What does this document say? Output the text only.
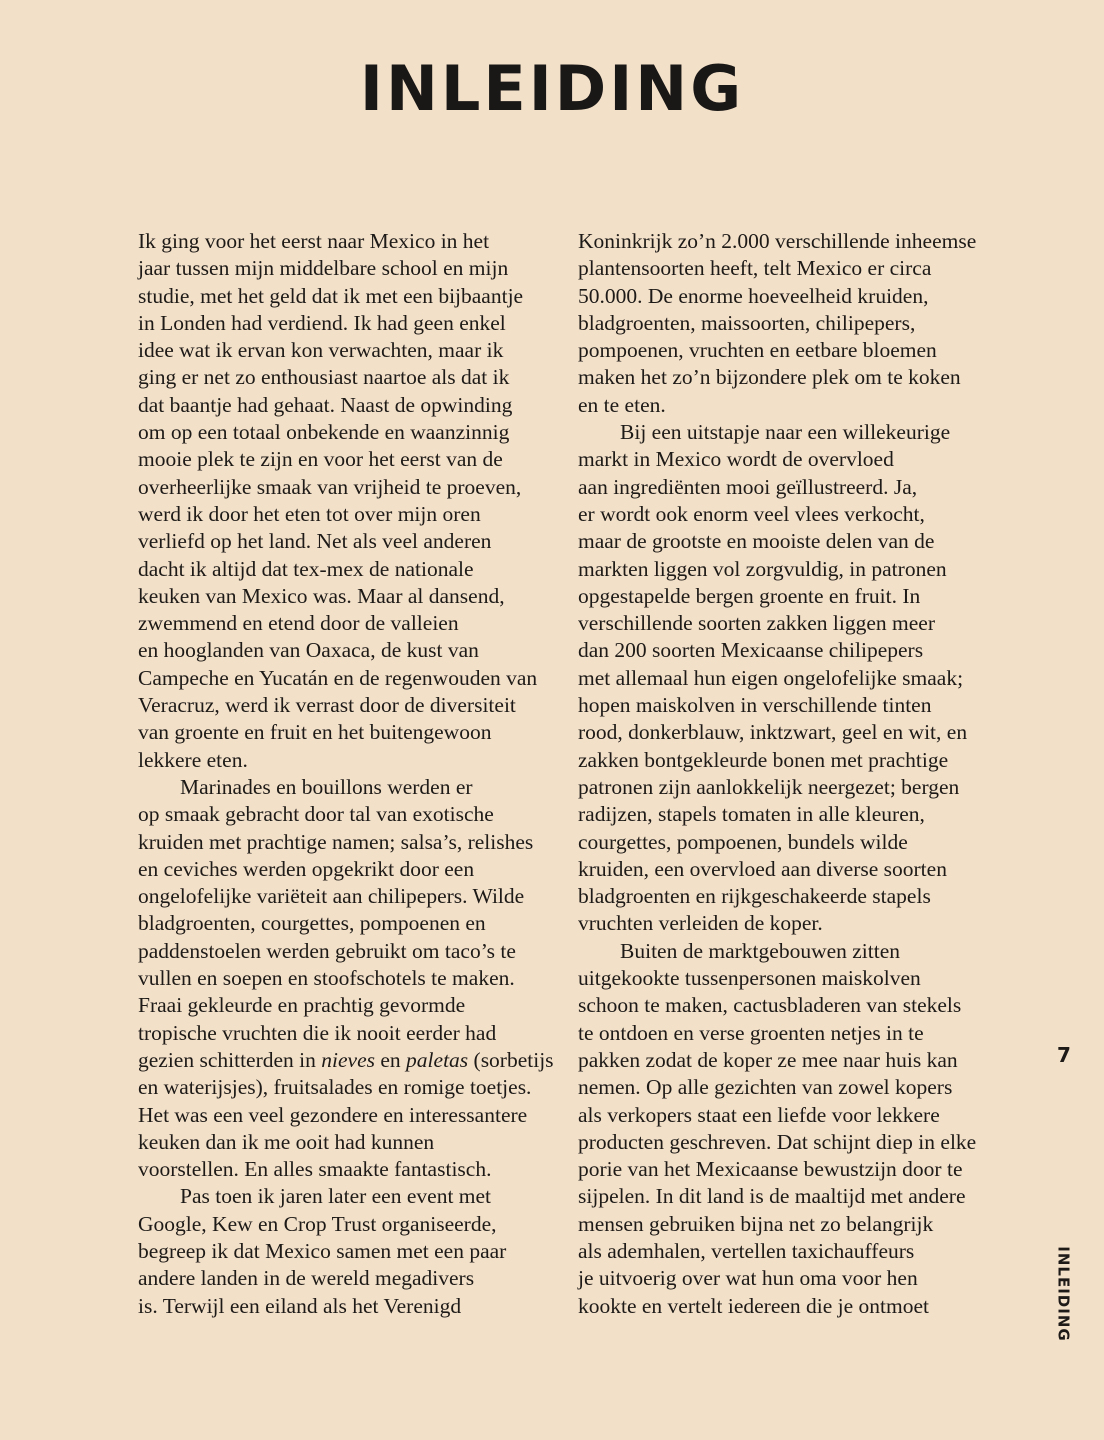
INLEIDING
Ik ging voor het eerst naar Mexico in het
jaar tussen mijn middelbare school en mijn
studie, met het geld dat ik met een bijbaantje
in Londen had verdiend. Ik had geen enkel
idee wat ik ervan kon verwachten, maar ik
ging er net zo enthousiast naartoe als dat ik
dat baantje had gehaat. Naast de opwinding
om op een totaal onbekende en waanzinnig
mooie plek te zijn en voor het eerst van de
overheerlijke smaak van vrijheid te proeven,
werd ik door het eten tot over mijn oren
verliefd op het land. Net als veel anderen
dacht ik altijd dat tex-mex de nationale
keuken van Mexico was. Maar al dansend,
zwemmend en etend door de valleien
en hooglanden van Oaxaca, de kust van
Campeche en Yucatán en de regenwouden van
Veracruz, werd ik verrast door de diversiteit
van groente en fruit en het buitengewoon
lekkere eten.
Marinades en bouillons werden er
op smaak gebracht door tal van exotische
kruiden met prachtige namen; salsa’s, relishes
en ceviches werden opgekrikt door een
ongelofelijke variëteit aan chilipepers. Wilde
bladgroenten, courgettes, pompoenen en
paddenstoelen werden gebruikt om taco’s te
vullen en soepen en stoofschotels te maken.
Fraai gekleurde en prachtig gevormde
tropische vruchten die ik nooit eerder had
gezien schitterden in nieves en paletas (sorbetijs
en waterijsjes), fruitsalades en romige toetjes.
Het was een veel gezondere en interessantere
keuken dan ik me ooit had kunnen
voorstellen. En alles smaakte fantastisch.
Pas toen ik jaren later een event met
Google, Kew en Crop Trust organiseerde,
begreep ik dat Mexico samen met een paar
andere landen in de wereld megadivers
is. Terwijl een eiland als het Verenigd
Koninkrijk zo’n 2.000 verschillende inheemse
plantensoorten heeft, telt Mexico er circa
50.000. De enorme hoeveelheid kruiden,
bladgroenten, maissoorten, chilipepers,
pompoenen, vruchten en eetbare bloemen
maken het zo’n bijzondere plek om te koken
en te eten.
Bij een uitstapje naar een willekeurige
markt in Mexico wordt de overvloed
aan ingrediënten mooi geïllustreerd. Ja,
er wordt ook enorm veel vlees verkocht,
maar de grootste en mooiste delen van de
markten liggen vol zorgvuldig, in patronen
opgestapelde bergen groente en fruit. In
verschillende soorten zakken liggen meer
dan 200 soorten Mexicaanse chilipepers
met allemaal hun eigen ongelofelijke smaak;
hopen maiskolven in verschillende tinten
rood, donkerblauw, inktzwart, geel en wit, en
zakken bontgekleurde bonen met prachtige
patronen zijn aanlokkelijk neergezet; bergen
radijzen, stapels tomaten in alle kleuren,
courgettes, pompoenen, bundels wilde
kruiden, een overvloed aan diverse soorten
bladgroenten en rijkgeschakeerde stapels
vruchten verleiden de koper.
Buiten de marktgebouwen zitten
uitgekookte tussenpersonen maiskolven
schoon te maken, cactusbladeren van stekels
te ontdoen en verse groenten netjes in te
pakken zodat de koper ze mee naar huis kan
nemen. Op alle gezichten van zowel kopers
als verkopers staat een liefde voor lekkere
producten geschreven. Dat schijnt diep in elke
porie van het Mexicaanse bewustzijn door te
sijpelen. In dit land is de maaltijd met andere
mensen gebruiken bijna net zo belangrijk
als ademhalen, vertellen taxichauffeurs
je uitvoerig over wat hun oma voor hen
kookte en vertelt iedereen die je ontmoet	INLEIDING
7
